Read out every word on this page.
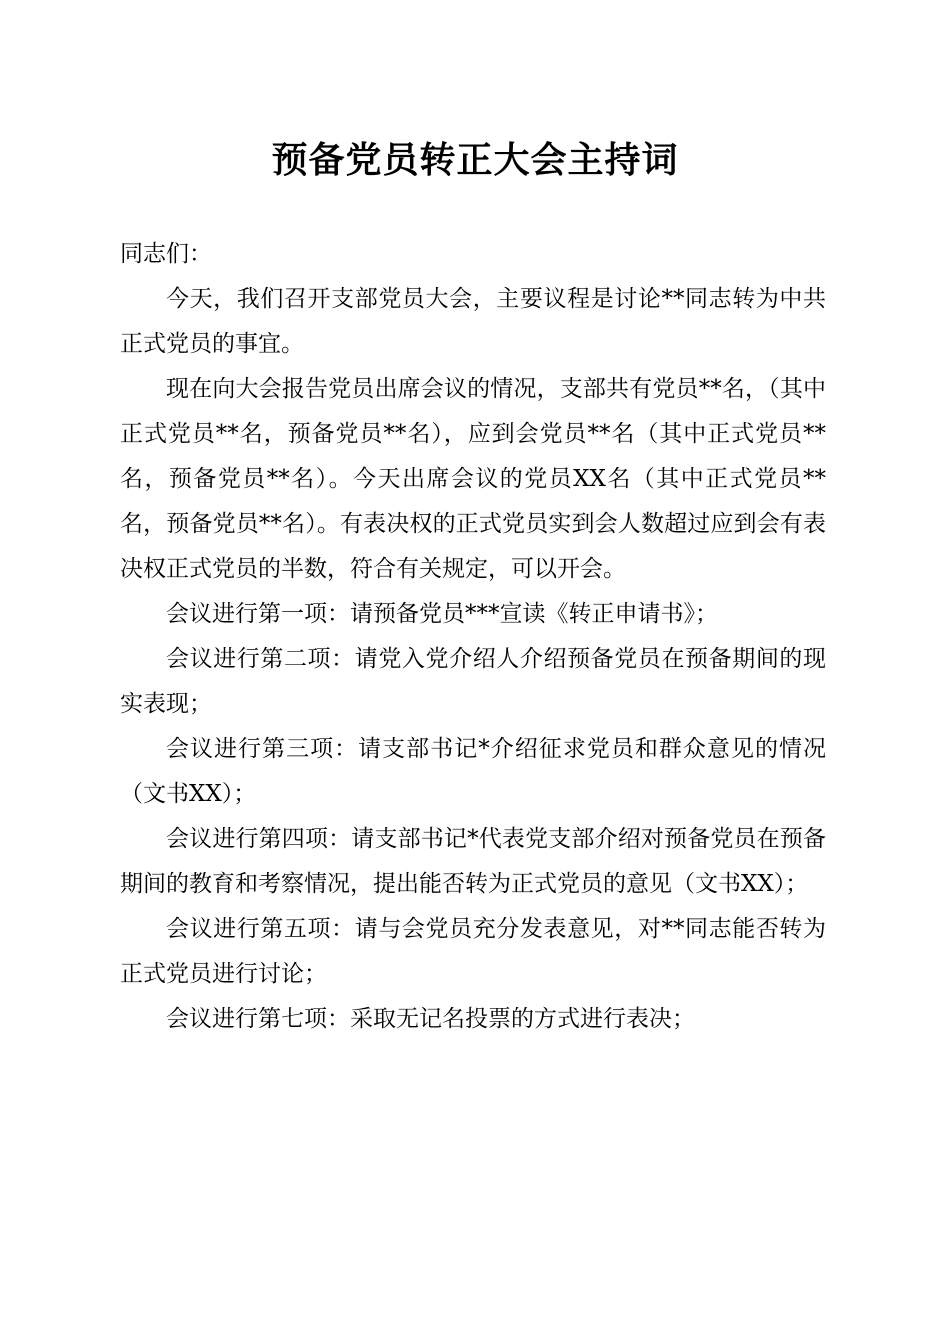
预备党员转正大会主持词

同志们：

今天，我们召开支部党员大会，主要议程是讨论**同志转为中共正式党员的事宜。

现在向大会报告党员出席会议的情况，支部共有党员**名，（其中正式党员**名，预备党员**名），应到会党员**名（其中正式党员**名，预备党员**名）。今天出席会议的党员XX名（其中正式党员**名，预备党员**名）。有表决权的正式党员实到会人数超过应到会有表决权正式党员的半数，符合有关规定，可以开会。

会议进行第一项：请预备党员***宣读《转正申请书》；

会议进行第二项：请党入党介绍人介绍预备党员在预备期间的现实表现；

会议进行第三项：请支部书记*介绍征求党员和群众意见的情况（文书XX）；

会议进行第四项：请支部书记*代表党支部介绍对预备党员在预备期间的教育和考察情况，提出能否转为正式党员的意见（文书XX）；

会议进行第五项：请与会党员充分发表意见，对**同志能否转为正式党员进行讨论；

会议进行第七项：采取无记名投票的方式进行表决；
